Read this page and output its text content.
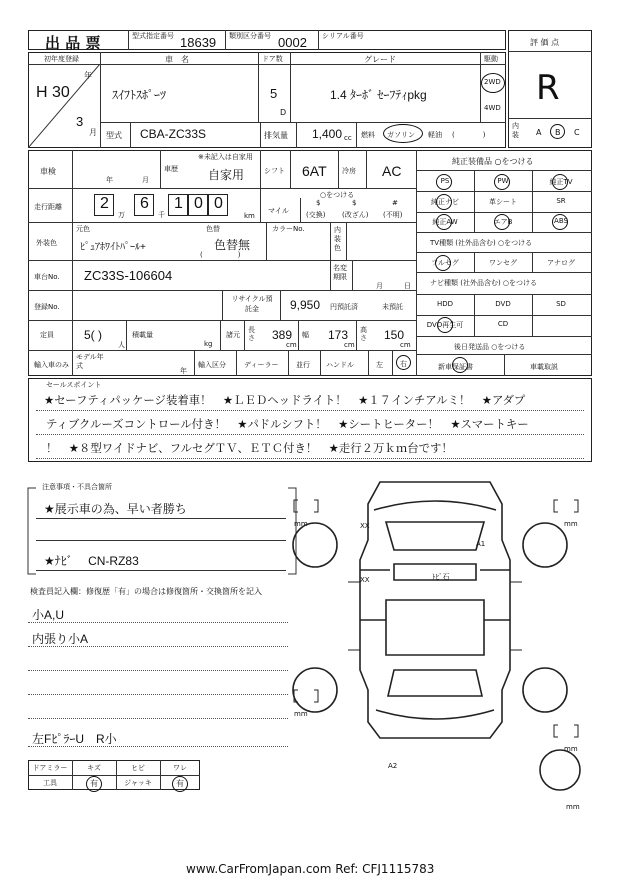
出 品 票	型式指定番号 18639 類別区分番号 0002 シリアル番号
評 価 点
R
内装	A B C
初年度登録
H 30
年
3
月
車　名
ｽｲﾌﾄｽﾎﾟｰﾂ
ドア数
5
D
グレード
1.4 ﾀｰﾎﾞ ｾｰﾌﾃｨpkg
駆動
2WD
4WD
型式 CBA-ZC33S	排気量 1,400 cc 燃料 ガソリン 軽油 (　　　　)
車検
年	月
車歴
※未記入は自家用
自家用	シフト 6AT 冷房 AC
走行距離 2
万
6
千
1 0 0
km
マイル
○をつける
$
(交換)
$
(改ざん)
#
(不明)
外装色
元色
ﾋﾟｭｱﾎﾜｲﾄﾊﾟｰﾙ+
色替
色替無
(　　　　　)
カラーNo.	内装色
車台No. ZC33S-106604	名変期限
月	日
登録No.
リサイクル預託金	9,950 円預託済	未預託
定員	5( )
人
積載量
kg
諸元
長さ 389
cm
幅 173
cm
高さ 150
cm
輸入車のみ
モデル年式
年
輸入区分	ディーラー	並行 ハンドル	左 右
純正装備品 ○をつける
TV種類 (社外品含む) ○をつける
ナビ種類 (社外品含む) ○をつける
後日発送品 ○をつける
新車保証書	車載取説
セールスポイント
★セーフティパッケージ装着車！　★ＬＥＤヘッドライト！　★１７インチアルミ！　★アダプ
ティブクルーズコントロール付き！　★パドルシフト！　★シートヒーター！　★スマートキー
！　★８型ワイドナビ、フルセグＴＶ、ＥＴＣ付き！　★走行２万ｋｍ台です！
注意事項・不具合箇所
★展示車の為、早い者勝ち
★ﾅﾋﾞ　 CN-RZ83
検査員記入欄：修復歴「有」の場合は修復箇所・交換箇所を記入
小A,U
内張り小A
左FﾋﾟﾗｰU　R小
ドアミラー	キズ	ヒビ	ワレ
工具	有	ジャッキ	有
mm	mm
mm
mm
mm
XX
A1
ﾄﾋﾞ石
XX
A2
www.CarFromJapan.com Ref: CFJ1115783
PS	PW	純正TV
純正ナビ	革シート	SR
純正AW	エアB	ABS
フルセグ	ワンセグ	アナログ
HDD	DVD	SD
DVD再生可	CD
